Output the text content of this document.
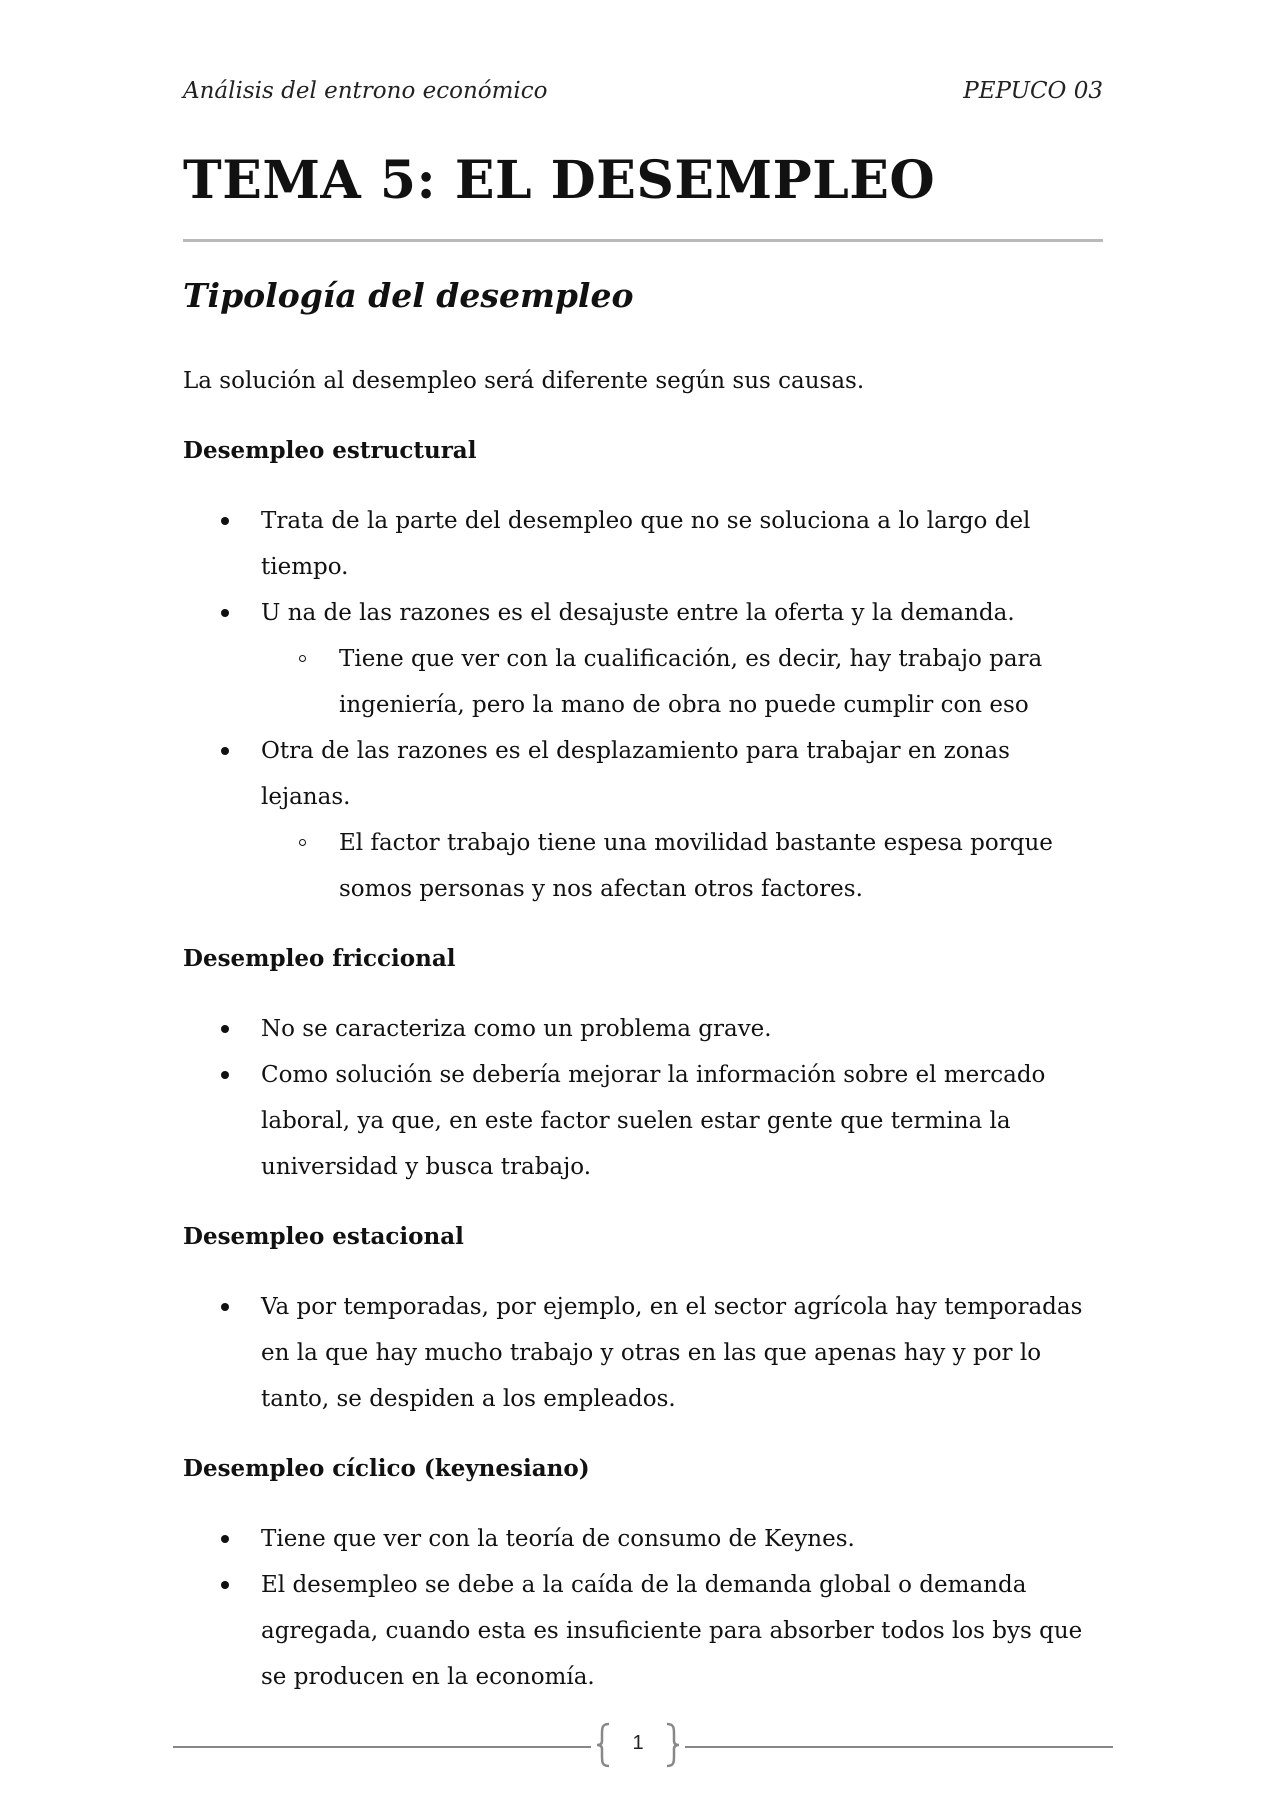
Análisis del entrono económico	PEPUCO 03
TEMA 5: EL DESEMPLEO
Tipología del desempleo

La solución al desempleo será diferente según sus causas.

Desempleo estructural

Trata de la parte del desempleo que no se soluciona a lo largo del tiempo.
U na de las razones es el desajuste entre la oferta y la demanda.
Tiene que ver con la cualificación, es decir, hay trabajo para ingeniería, pero la mano de obra no puede cumplir con eso
Otra de las razones es el desplazamiento para trabajar en zonas lejanas.
El factor trabajo tiene una movilidad bastante espesa porque somos personas y nos afectan otros factores.

Desempleo friccional

No se caracteriza como un problema grave.
Como solución se debería mejorar la información sobre el mercado laboral, ya que, en este factor suelen estar gente que termina la universidad y busca trabajo.

Desempleo estacional

Va por temporadas, por ejemplo, en el sector agrícola hay temporadas en la que hay mucho trabajo y otras en las que apenas hay y por lo tanto, se despiden a los empleados.

Desempleo cíclico (keynesiano)

Tiene que ver con la teoría de consumo de Keynes.
El desempleo se debe a la caída de la demanda global o demanda agregada, cuando esta es insuficiente para absorber todos los bys que se producen en la economía.
1
